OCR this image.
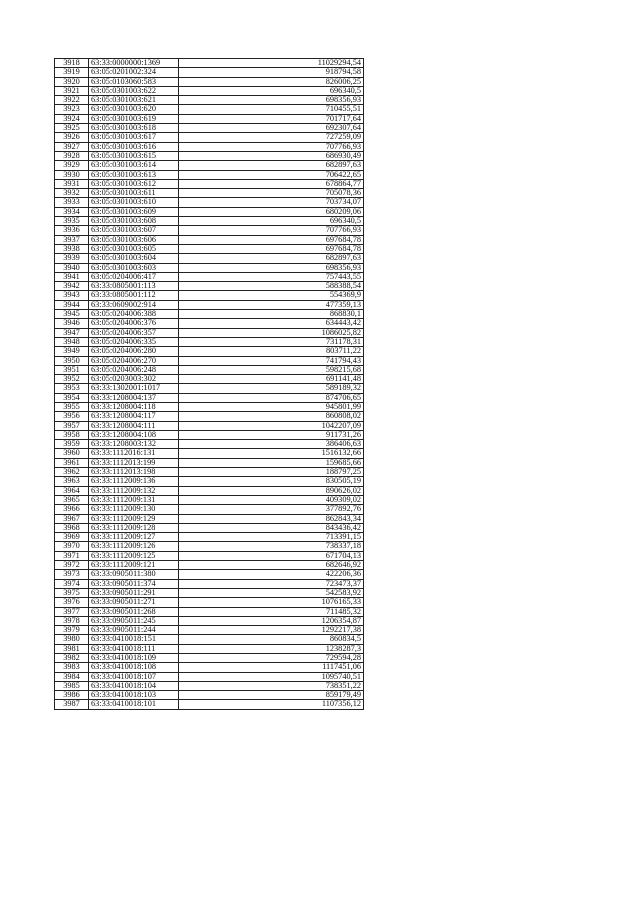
3918	63:33:0000000:1369	11029294,54
3919	63:05:0201002:324	918794,58
3920	63:05:0103060:583	826006,25
3921	63:05:0301003:622	696340,5
3922	63:05:0301003:621	698356,93
3923	63:05:0301003:620	710455,51
3924	63:05:0301003:619	701717,64
3925	63:05:0301003:618	692307,64
3926	63:05:0301003:617	727259,09
3927	63:05:0301003:616	707766,93
3928	63:05:0301003:615	686930,49
3929	63:05:0301003:614	682897,63
3930	63:05:0301003:613	706422,65
3931	63:05:0301003:612	678864,77
3932	63:05:0301003:611	705078,36
3933	63:05:0301003:610	703734,07
3934	63:05:0301003:609	680209,06
3935	63:05:0301003:608	696340,5
3936	63:05:0301003:607	707766,93
3937	63:05:0301003:606	697684,78
3938	63:05:0301003:605	697684,78
3939	63:05:0301003:604	682897,63
3940	63:05:0301003:603	698356,93
3941	63:05:0204006:417	757443,55
3942	63:33:0805001:113	588388,54
3943	63:33:0805001:112	554369,9
3944	63:33:0609002:914	477359,13
3945	63:05:0204006:388	868830,1
3946	63:05:0204006:376	634443,42
3947	63:05:0204006:357	1086025,82
3948	63:05:0204006:335	731178,31
3949	63:05:0204006:280	803711,22
3950	63:05:0204006:270	741794,43
3951	63:05:0204006:248	598215,68
3952	63:05:0203003:302	691141,48
3953	63:33:1302001:1017	589189,32
3954	63:33:1208004:137	874706,65
3955	63:33:1208004:118	945801,99
3956	63:33:1208004:117	860808,02
3957	63:33:1208004:111	1042207,09
3958	63:33:1208004:108	911731,26
3959	63:33:1208003:132	386406,63
3960	63:33:1112016:131	1516132,66
3961	63:33:1112013:199	159685,66
3962	63:33:1112013:198	188797,25
3963	63:33:1112009:136	830505,19
3964	63:33:1112009:132	890626,02
3965	63:33:1112009:131	409309,02
3966	63:33:1112009:130	377892,76
3967	63:33:1112009:129	862843,34
3968	63:33:1112009:128	843436,42
3969	63:33:1112009:127	713391,15
3970	63:33:1112009:126	738337,18
3971	63:33:1112009:125	671704,13
3972	63:33:1112009:121	682646,92
3973	63:33:0905011:380	422206,36
3974	63:33:0905011:374	723473,37
3975	63:33:0905011:291	542583,92
3976	63:33:0905011:271	1076165,33
3977	63:33:0905011:268	711485,32
3978	63:33:0905011:245	1206354,87
3979	63:33:0905011:244	1292217,38
3980	63:33:0410018:151	860834,5
3981	63:33:0410018:111	1238287,3
3982	63:33:0410018:109	729594,28
3983	63:33:0410018:108	1117451,06
3984	63:33:0410018:107	1095740,51
3985	63:33:0410018:104	738351,22
3986	63:33:0410018:103	859179,49
3987	63:33:0410018:101	1107356,12
